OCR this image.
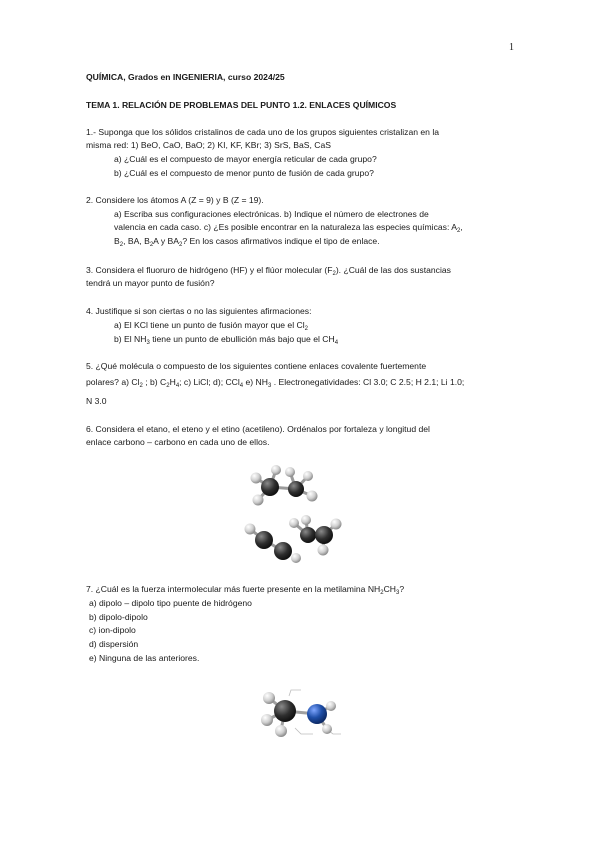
1
QUÍMICA, Grados en INGENIERIA, curso 2024/25
TEMA 1. RELACIÓN DE PROBLEMAS DEL PUNTO 1.2. ENLACES QUÍMICOS
1.- Suponga que los sólidos cristalinos de cada uno de los grupos siguientes cristalizan en la
misma red: 1) BeO, CaO, BaO; 2) KI, KF, KBr; 3) SrS, BaS, CaS
a) ¿Cuál es el compuesto de mayor energía reticular de cada grupo?
b) ¿Cuál es el compuesto de menor punto de fusión de cada grupo?
2. Considere los átomos A (Z = 9) y B (Z = 19).
a) Escriba sus configuraciones electrónicas. b) Indique el número de electrones de
valencia en cada caso. c) ¿Es posible encontrar en la naturaleza las especies químicas: $A_2$,
$B_2$, BA, $B_2A$ y $BA_2$? En los casos afirmativos indique el tipo de enlace.
3. Considera el fluoruro de hidrógeno (HF) y el flúor molecular $(F_2)$. ¿Cuál de las dos sustancias
tendrá un mayor punto de fusión?
4. Justifique si son ciertas o no las siguientes afirmaciones:
a) El KCl tiene un punto de fusión mayor que el $Cl_2$
b) El $NH_3$ tiene un punto de ebullición más bajo que el $CH_4$
5. ¿Qué molécula o compuesto de los siguientes contiene enlaces covalente fuertemente
polares? a) $Cl_2$ ; b) $C_2H_4$; c) LiCl; d); CCl$_4$ e) $NH_3$ . Electronegatividades: Cl 3.0; C 2.5; H 2.1; Li 1.0;
N 3.0
6. Considera el etano, el eteno y el etino (acetileno). Ordénalos por fortaleza y longitud del
enlace carbono – carbono en cada uno de ellos.
7. ¿Cuál es la fuerza intermolecular más fuerte presente en la metilamina $NH_2CH_3$?
a) dipolo – dipolo tipo puente de hidrógeno
b) dipolo-dipolo
c) ion-dipolo
d) dispersión
e) Ninguna de las anteriores.
